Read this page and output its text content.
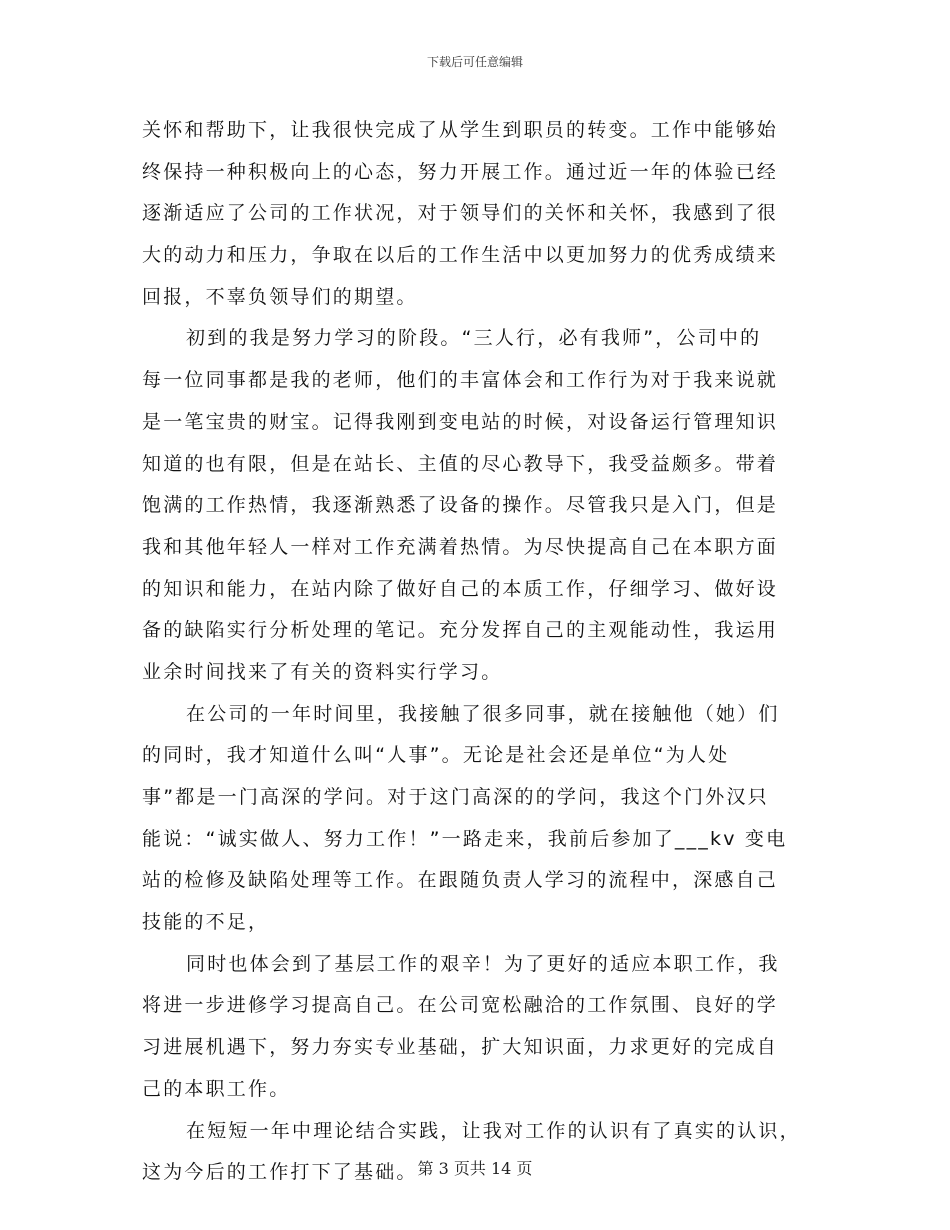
下载后可任意编辑
关怀和帮助下，让我很快完成了从学生到职员的转变。工作中能够始
终保持一种积极向上的心态，努力开展工作。通过近一年的体验已经
逐渐适应了公司的工作状况，对于领导们的关怀和关怀，我感到了很
大的动力和压力，争取在以后的工作生活中以更加努力的优秀成绩来
回报，不辜负领导们的期望。
初到的我是努力学习的阶段。“三人行，必有我师”，公司中的
每一位同事都是我的老师，他们的丰富体会和工作行为对于我来说就
是一笔宝贵的财宝。记得我刚到变电站的时候，对设备运行管理知识
知道的也有限，但是在站长、主值的尽心教导下，我受益颇多。带着
饱满的工作热情，我逐渐熟悉了设备的操作。尽管我只是入门，但是
我和其他年轻人一样对工作充满着热情。为尽快提高自己在本职方面
的知识和能力，在站内除了做好自己的本质工作，仔细学习、做好设
备的缺陷实行分析处理的笔记。充分发挥自己的主观能动性，我运用
业余时间找来了有关的资料实行学习。
在公司的一年时间里，我接触了很多同事，就在接触他（她）们
的同时，我才知道什么叫“人事”。无论是社会还是单位“为人处
事”都是一门高深的学问。对于这门高深的的学问，我这个门外汉只
能说：“诚实做人、努力工作！”一路走来，我前后参加了___kv 变电
站的检修及缺陷处理等工作。在跟随负责人学习的流程中，深感自己
技能的不足，
同时也体会到了基层工作的艰辛！为了更好的适应本职工作，我
将进一步进修学习提高自己。在公司宽松融洽的工作氛围、良好的学
习进展机遇下，努力夯实专业基础，扩大知识面，力求更好的完成自
己的本职工作。
在短短一年中理论结合实践，让我对工作的认识有了真实的认识，
这为今后的工作打下了基础。 第 3 页共 14 页
